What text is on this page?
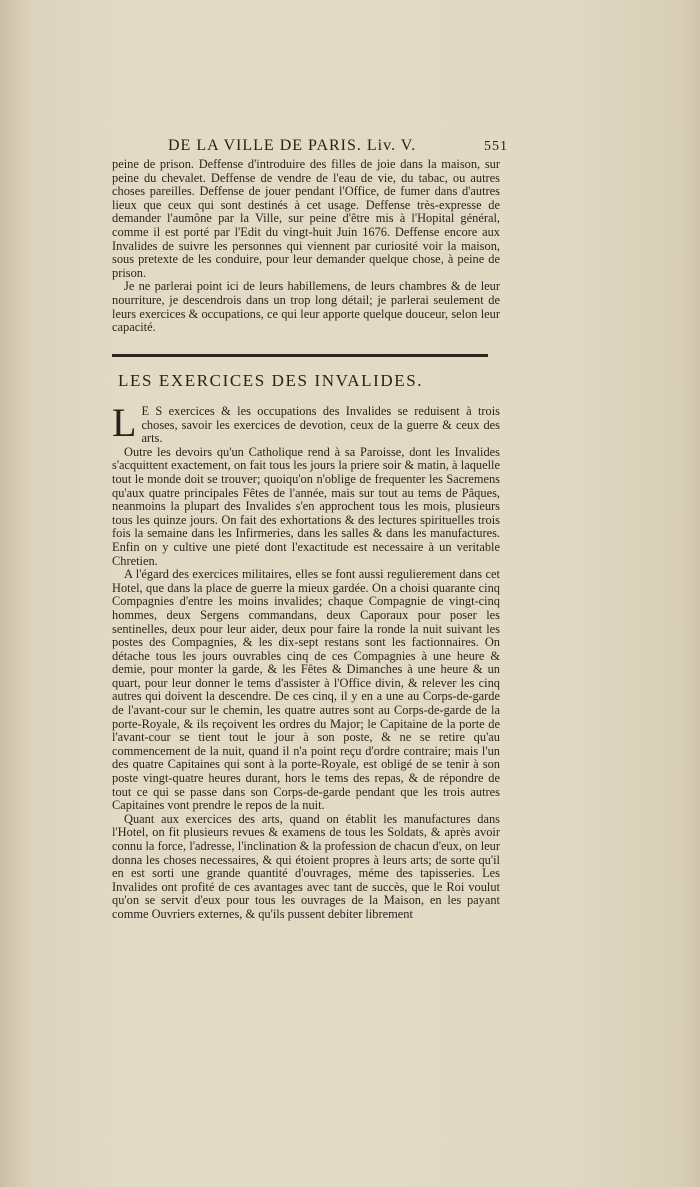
DE LA VILLE DE PARIS. Liv. V.	551

peine de prison. Deffense d'introduire des filles de joie dans la maison, sur peine du chevalet. Deffense de vendre de l'eau de vie, du tabac, ou autres choses pareilles. Deffense de jouer pendant l'Office, de fumer dans d'autres lieux que ceux qui sont destinés à cet usage. Deffense très-expresse de demander l'aumône par la Ville, sur peine d'être mis à l'Hopital général, comme il est porté par l'Edit du vingt-huit Juin 1676. Deffense encore aux Invalides de suivre les personnes qui viennent par curiosité voir la maison, sous pretexte de les conduire, pour leur demander quelque chose, à peine de prison.

Je ne parlerai point ici de leurs habillemens, de leurs chambres & de leur nourriture, je descendrois dans un trop long détail; je parlerai seulement de leurs exercices & occupations, ce qui leur apporte quelque douceur, selon leur capacité.

LES EXERCICES DES INVALIDES.

L E S exercices & les occupations des Invalides se reduisent à trois choses, savoir les exercices de devotion, ceux de la guerre & ceux des arts.

Outre les devoirs qu'un Catholique rend à sa Paroisse, dont les Invalides s'acquittent exactement, on fait tous les jours la priere soir & matin, à laquelle tout le monde doit se trouver; quoiqu'on n'oblige de frequenter les Sacremens qu'aux quatre principales Fêtes de l'année, mais sur tout au tems de Pâques, neanmoins la plupart des Invalides s'en approchent tous les mois, plusieurs tous les quinze jours. On fait des exhortations & des lectures spirituelles trois fois la semaine dans les Infirmeries, dans les salles & dans les manufactures. Enfin on y cultive une pieté dont l'exactitude est necessaire à un veritable Chretien.

A l'égard des exercices militaires, elles se font aussi regulierement dans cet Hotel, que dans la place de guerre la mieux gardée. On a choisi quarante cinq Compagnies d'entre les moins invalides; chaque Compagnie de vingt-cinq hommes, deux Sergens commandans, deux Caporaux pour poser les sentinelles, deux pour leur aider, deux pour faire la ronde la nuit suivant les postes des Compagnies, & les dix-sept restans sont les factionnaires. On détache tous les jours ouvrables cinq de ces Compagnies à une heure & demie, pour monter la garde, & les Fêtes & Dimanches à une heure & un quart, pour leur donner le tems d'assister à l'Office divin, & relever les cinq autres qui doivent la descendre. De ces cinq, il y en a une au Corps-de-garde de l'avant-cour sur le chemin, les quatre autres sont au Corps-de-garde de la porte-Royale, & ils reçoivent les ordres du Major; le Capitaine de la porte de l'avant-cour se tient tout le jour à son poste, & ne se retire qu'au commencement de la nuit, quand il n'a point reçu d'ordre contraire; mais l'un des quatre Capitaines qui sont à la porte-Royale, est obligé de se tenir à son poste vingt-quatre heures durant, hors le tems des repas, & de répondre de tout ce qui se passe dans son Corps-de-garde pendant que les trois autres Capitaines vont prendre le repos de la nuit.

Quant aux exercices des arts, quand on établit les manufactures dans l'Hotel, on fit plusieurs revues & examens de tous les Soldats, & après avoir connu la force, l'adresse, l'inclination & la profession de chacun d'eux, on leur donna les choses necessaires, & qui étoient propres à leurs arts; de sorte qu'il en est sorti une grande quantité d'ouvrages, méme des tapisseries. Les Invalides ont profité de ces avantages avec tant de succès, que le Roi voulut qu'on se servit d'eux pour tous les ouvrages de la Maison, en les payant comme Ouvriers externes, & qu'ils pussent debiter librement
